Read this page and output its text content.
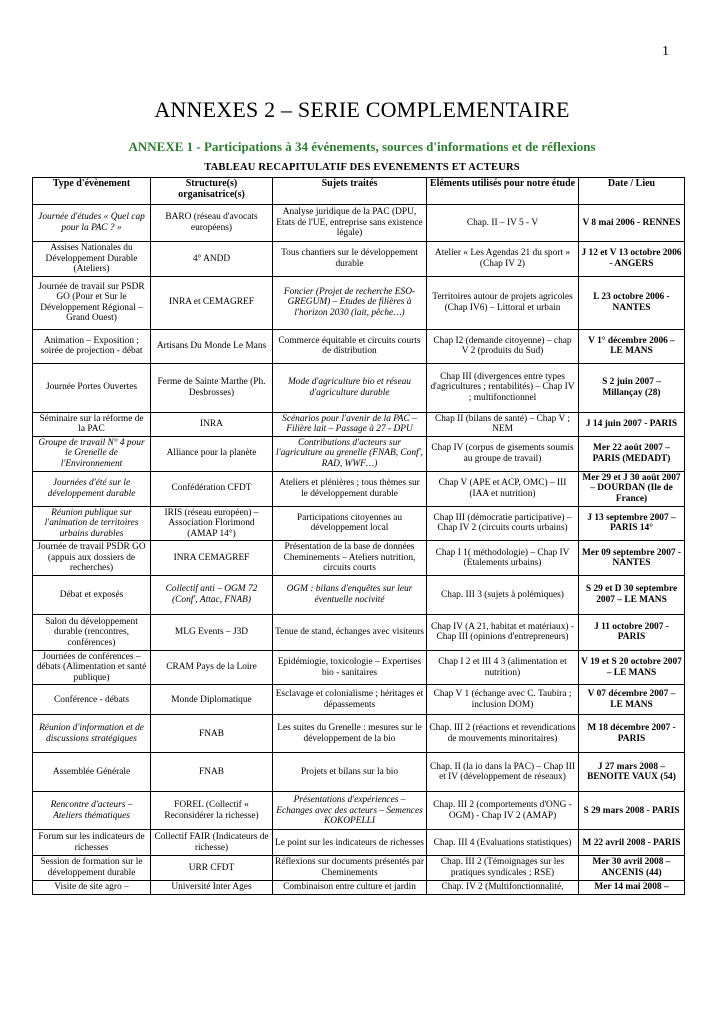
1
ANNEXES 2 – SERIE COMPLEMENTAIRE
ANNEXE 1 - Participations à 34 événements, sources d'informations et de réflexions
TABLEAU RECAPITULATIF DES EVENEMENTS ET ACTEURS
Type d'évènement	Structure(s) organisatrice(s)	Sujets traités	Eléments utilisés pour notre étude	Date / Lieu
Journée d'études « Quel cap pour la PAC ? »	BARO (réseau d'avocats européens)	Analyse juridique de la PAC (DPU, Etats de l'UE, entreprise sans existence légale)	Chap. II – IV 5 - V	V 8 mai 2006 - RENNES
Assises Nationales du Développement Durable (Ateliers)	4° ANDD	Tous chantiers sur le développement durable	Atelier « Les Agendas 21 du sport » (Chap IV 2)	J 12 et V 13 octobre 2006 - ANGERS
Journée de travail sur PSDR GO (Pour et Sur le Développement Régional – Grand Ouest)	INRA et CEMAGREF	Foncier (Projet de recherche ESO-GREGUM) – Etudes de filières à l'horizon 2030 (lait, pêche…)	Territoires autour de projets agricoles (Chap IV6) – Littoral et urbain	L 23 octobre 2006 - NANTES
Animation – Exposition ; soirée de projection - débat	Artisans Du Monde Le Mans	Commerce équitable et circuits courts de distribution	Chap I2 (demande citoyenne) – chap V 2 (produits du Sud)	V 1° décembre 2006 – LE MANS
Journée Portes Ouvertes	Ferme de Sainte Marthe (Ph. Desbrosses)	Mode d'agriculture bio et réseau d'agriculture durable	Chap III (divergences entre types d'agricultures ; rentabilités) – Chap IV ; multifonctionnel	S 2 juin 2007 – Millançay (28)
Séminaire sur la réforme de la PAC	INRA	Scénarios pour l'avenir de la PAC – Filière lait – Passage à 27 - DPU	Chap II (bilans de santé) – Chap V ; NEM	J 14 juin 2007 - PARIS
Groupe de travail N° 4 pour le Grenelle de l'Environnement	Alliance pour la planète	Contributions d'acteurs sur l'agriculture au grenelle (FNAB, Conf', RAD, WWF…)	Chap IV (corpus de gisements soumis au groupe de travail)	Mer 22 août 2007 – PARIS (MEDADT)
Journées d'été sur le développement durable	Confédération CFDT	Ateliers et plénières ; tous thèmes sur le développement durable	Chap V (APE et ACP, OMC) – III (IAA et nutrition)	Mer 29 et J 30 août 2007 – DOURDAN (Ile de France)
Réunion publique sur l'animation de territoires urbains durables	IRIS (réseau européen) – Association Florimond (AMAP 14°)	Participations citoyennes au développement local	Chap III (démocratie participative) – Chap IV 2 (circuits courts urbains)	J 13 septembre 2007 – PARIS 14°
Journée de travail PSDR GO (appuis aux dossiers de recherches)	INRA CEMAGREF	Présentation de la base de données Cheminements – Ateliers nutrition, circuits courts	Chap I 1( méthodologie) – Chap IV (Etalements urbains)	Mer 09 septembre 2007 - NANTES
Débat et exposés	Collectif anti – OGM 72 (Conf', Attac, FNAB)	OGM : bilans d'enquêtes sur leur éventuelle nocivité	Chap. III 3 (sujets à polémiques)	S 29 et D 30 septembre 2007 – LE MANS
Salon du développement durable (rencontres, conférences)	MLG Events – J3D	Tenue de stand, échanges avec visiteurs	Chap IV (A 21, habitat et matériaux) - Chap III (opinions d'entrepreneurs)	J 11 octobre 2007 - PARIS
Journées de conférences – débats (Alimentation et santé publique)	CRAM Pays de la Loire	Epidémiogie, toxicologie – Expertises bio - sanitaires	Chap I 2 et III 4 3 (alimentation et nutrition)	V 19 et S 20 octobre 2007 – LE MANS
Conférence - débats	Monde Diplomatique	Esclavage et colonialisme ; héritages et dépassements	Chap V 1 (échange avec C. Taubira ; inclusion DOM)	V 07 décembre 2007 – LE MANS
Réunion d'information et de discussions stratégiques	FNAB	Les suites du Grenelle : mesures sur le développement de la bio	Chap. III 2 (réactions et revendications de mouvements minoritaires)	M 18 décembre 2007 - PARIS
Assemblée Générale	FNAB	Projets et bilans sur la bio	Chap. II (la io dans la PAC) – Chap III et IV (développement de réseaux)	J 27 mars 2008 – BENOITE VAUX (54)
Rencontre d'acteurs – Ateliers thématiques	FOREL (Collectif « Reconsidérer la richesse)	Présentations d'expériences – Echanges avec des acteurs – Semences KOKOPELLI	Chap. III 2 (comportements d'ONG - OGM) - Chap IV 2 (AMAP)	S 29 mars 2008 - PARIS
Forum sur les indicateurs de richesses	Collectif FAIR (Indicateurs de richesse)	Le point sur les indicateurs de richesses	Chap. III 4 (Evaluations statistiques)	M 22 avril 2008 - PARIS
Session de formation sur le développement durable	URR CFDT	Réflexions sur documents présentés par Cheminements	Chap. III 2 (Témoignages sur les pratiques syndicales ; RSE)	Mer 30 avril 2008 – ANCENIS (44)
Visite de site agro –	Université Inter Ages	Combinaison entre culture et jardin	Chap. IV 2 (Multifonctionnalité,	Mer 14 mai 2008 –
